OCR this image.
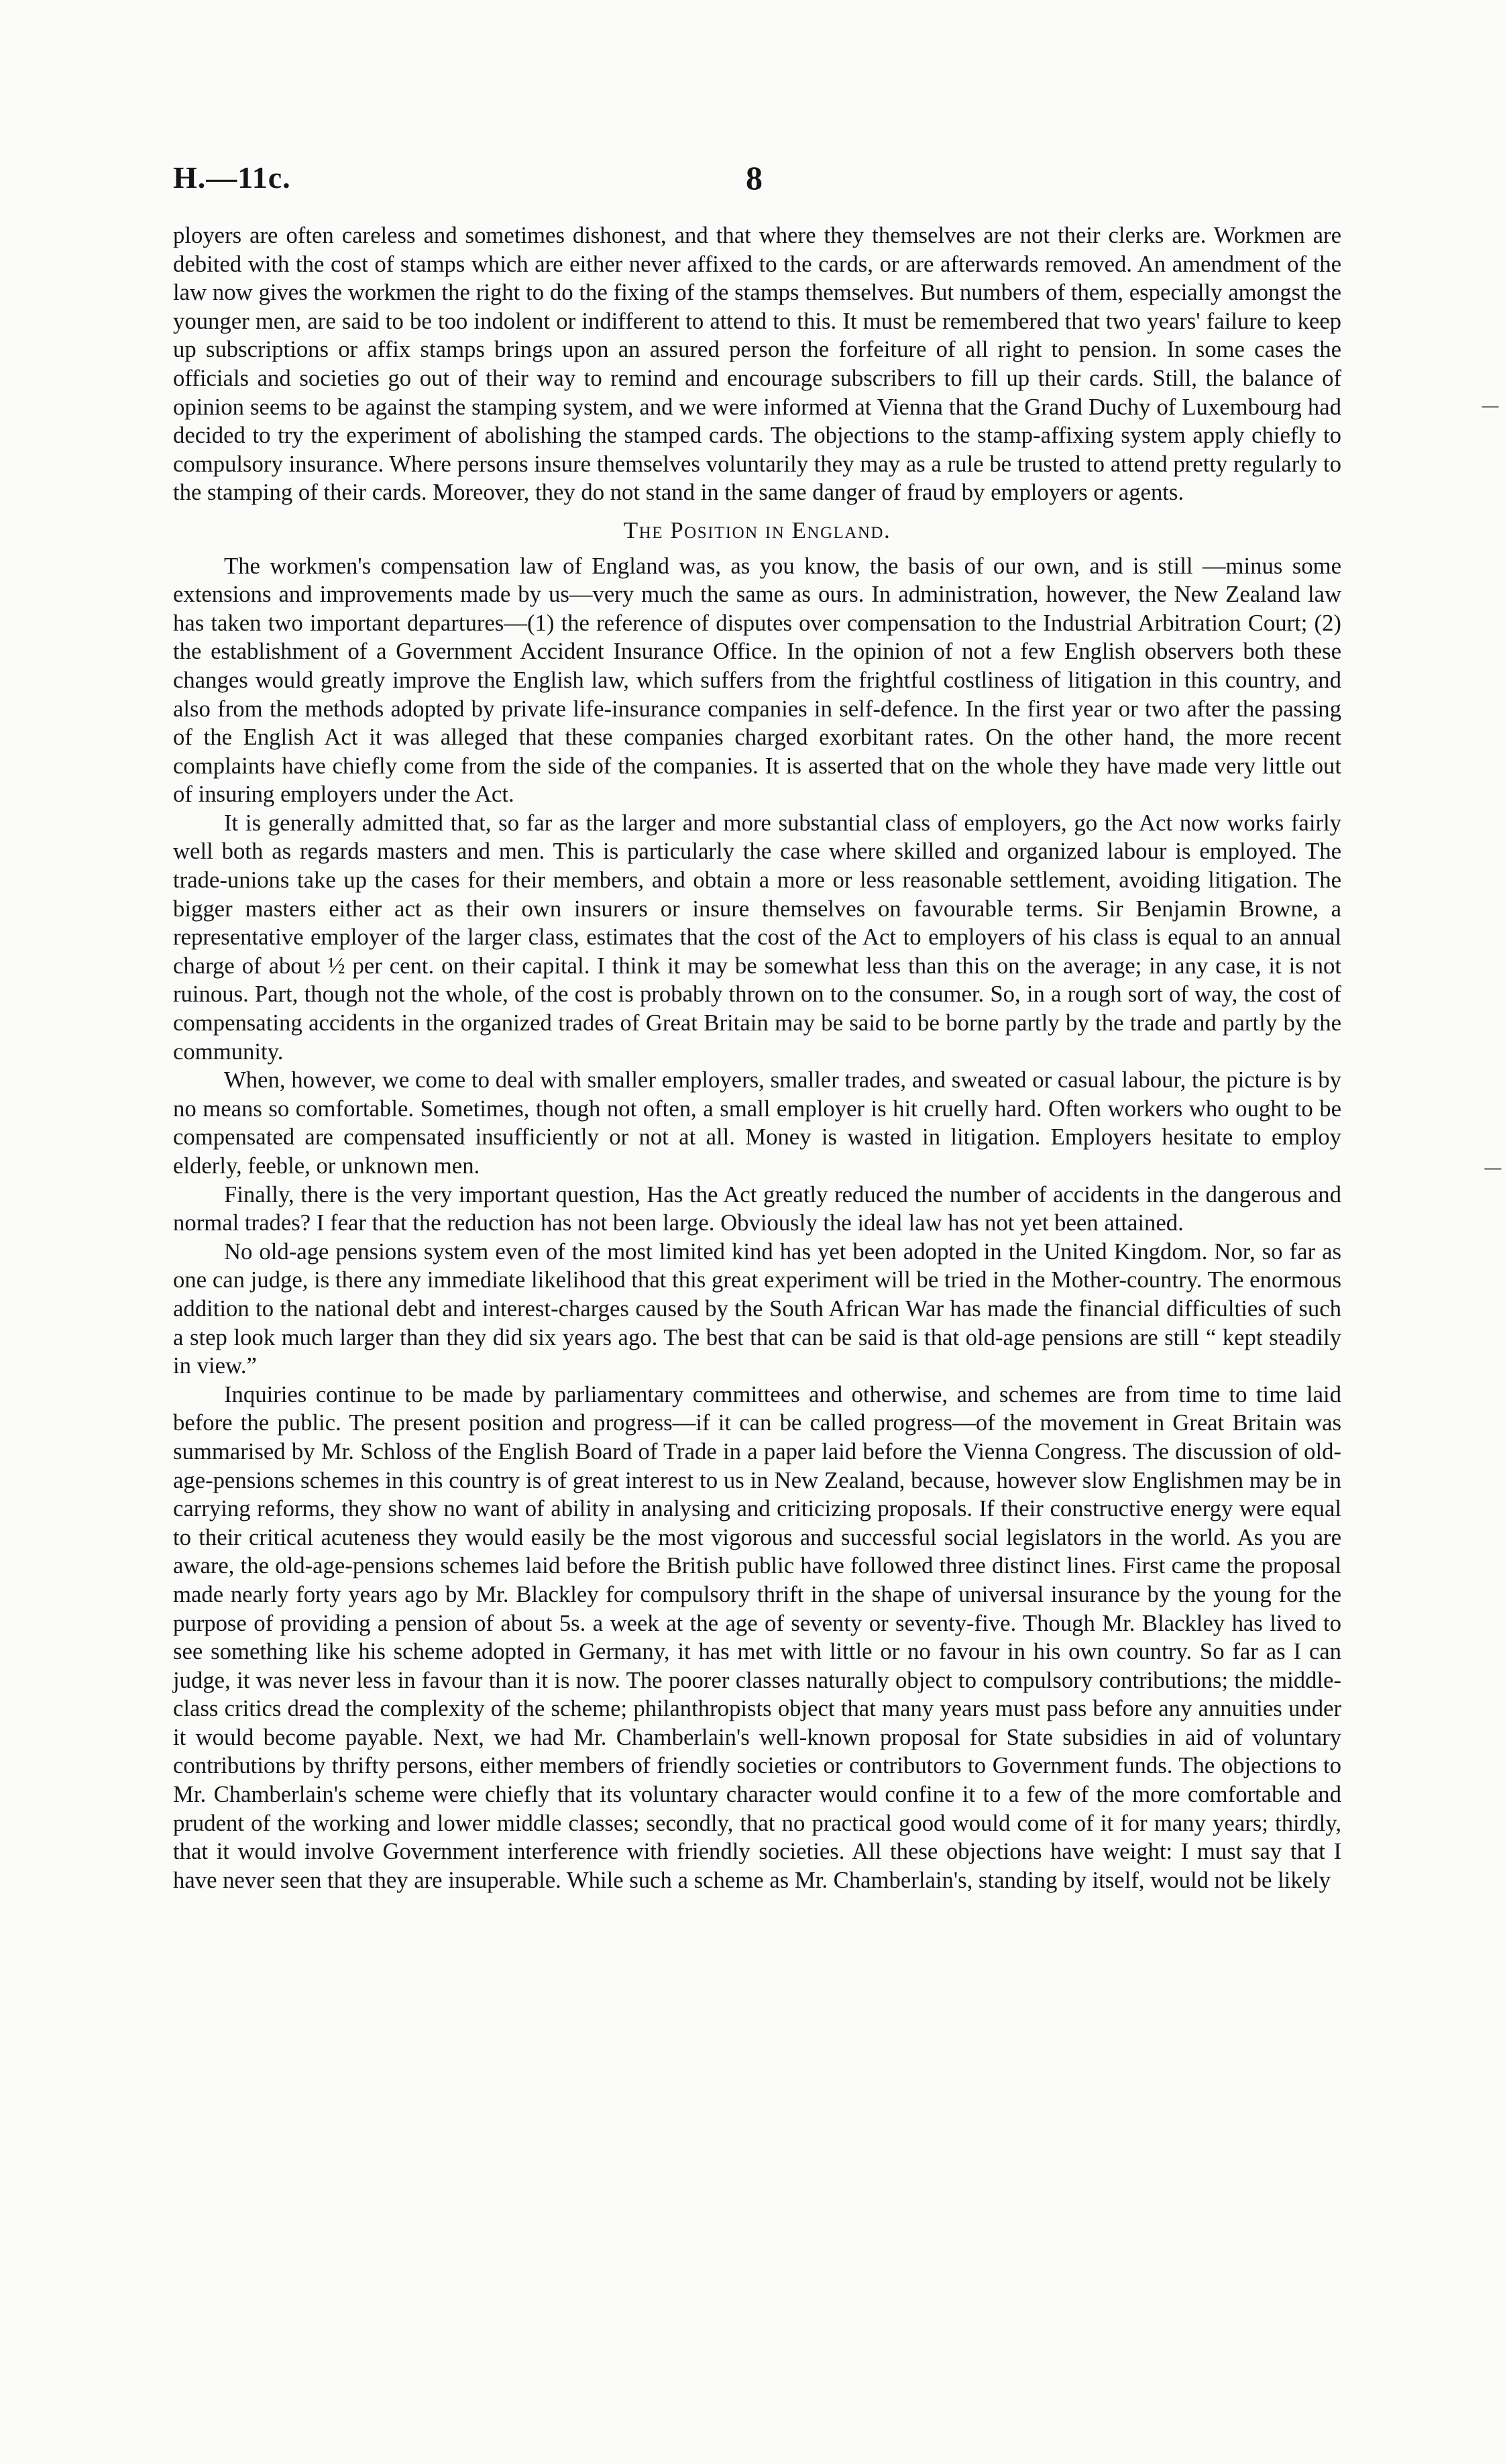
H.—11c.	8
—
—

ployers are often careless and sometimes dishonest, and that where they themselves are not their clerks are. Workmen are debited with the cost of stamps which are either never affixed to the cards, or are afterwards removed. An amendment of the law now gives the workmen the right to do the fixing of the stamps themselves. But numbers of them, especially amongst the younger men, are said to be too indolent or indifferent to attend to this. It must be remembered that two years' failure to keep up subscriptions or affix stamps brings upon an assured person the forfeiture of all right to pension. In some cases the officials and societies go out of their way to remind and encourage subscribers to fill up their cards. Still, the balance of opinion seems to be against the stamping system, and we were informed at Vienna that the Grand Duchy of Luxembourg had decided to try the experiment of abolishing the stamped cards. The objections to the stamp-affixing system apply chiefly to compulsory insurance. Where persons insure themselves voluntarily they may as a rule be trusted to attend pretty regularly to the stamping of their cards. Moreover, they do not stand in the same danger of fraud by employers or agents.

The Position in England.

The workmen's compensation law of England was, as you know, the basis of our own, and is still —minus some extensions and improvements made by us—very much the same as ours. In administration, however, the New Zealand law has taken two important departures—(1) the reference of disputes over compensation to the Industrial Arbitration Court; (2) the establishment of a Government Accident Insurance Office. In the opinion of not a few English observers both these changes would greatly improve the English law, which suffers from the frightful costliness of litigation in this country, and also from the methods adopted by private life-insurance companies in self-defence. In the first year or two after the passing of the English Act it was alleged that these companies charged exorbitant rates. On the other hand, the more recent complaints have chiefly come from the side of the companies. It is asserted that on the whole they have made very little out of insuring employers under the Act.

It is generally admitted that, so far as the larger and more substantial class of employers, go the Act now works fairly well both as regards masters and men. This is particularly the case where skilled and organized labour is employed. The trade-unions take up the cases for their members, and obtain a more or less reasonable settlement, avoiding litigation. The bigger masters either act as their own insurers or insure themselves on favourable terms. Sir Benjamin Browne, a representative employer of the larger class, estimates that the cost of the Act to employers of his class is equal to an annual charge of about ½ per cent. on their capital. I think it may be somewhat less than this on the average; in any case, it is not ruinous. Part, though not the whole, of the cost is probably thrown on to the consumer. So, in a rough sort of way, the cost of compensating accidents in the organized trades of Great Britain may be said to be borne partly by the trade and partly by the community.

When, however, we come to deal with smaller employers, smaller trades, and sweated or casual labour, the picture is by no means so comfortable. Sometimes, though not often, a small employer is hit cruelly hard. Often workers who ought to be compensated are compensated insufficiently or not at all. Money is wasted in litigation. Employers hesitate to employ elderly, feeble, or unknown men.

Finally, there is the very important question, Has the Act greatly reduced the number of accidents in the dangerous and normal trades? I fear that the reduction has not been large. Obviously the ideal law has not yet been attained.

No old-age pensions system even of the most limited kind has yet been adopted in the United Kingdom. Nor, so far as one can judge, is there any immediate likelihood that this great experiment will be tried in the Mother-country. The enormous addition to the national debt and interest-charges caused by the South African War has made the financial difficulties of such a step look much larger than they did six years ago. The best that can be said is that old-age pensions are still “ kept steadily in view.”

Inquiries continue to be made by parliamentary committees and otherwise, and schemes are from time to time laid before the public. The present position and progress—if it can be called progress—of the movement in Great Britain was summarised by Mr. Schloss of the English Board of Trade in a paper laid before the Vienna Congress. The discussion of old-age-pensions schemes in this country is of great interest to us in New Zealand, because, however slow Englishmen may be in carrying reforms, they show no want of ability in analysing and criticizing proposals. If their constructive energy were equal to their critical acuteness they would easily be the most vigorous and successful social legislators in the world. As you are aware, the old-age-pensions schemes laid before the British public have followed three distinct lines. First came the proposal made nearly forty years ago by Mr. Blackley for compulsory thrift in the shape of universal insurance by the young for the purpose of providing a pension of about 5s. a week at the age of seventy or seventy-five. Though Mr. Blackley has lived to see something like his scheme adopted in Germany, it has met with little or no favour in his own country. So far as I can judge, it was never less in favour than it is now. The poorer classes naturally object to compulsory contributions; the middle-class critics dread the complexity of the scheme; philanthropists object that many years must pass before any annuities under it would become payable. Next, we had Mr. Chamberlain's well-known proposal for State subsidies in aid of voluntary contributions by thrifty persons, either members of friendly societies or contributors to Government funds. The objections to Mr. Chamberlain's scheme were chiefly that its voluntary character would confine it to a few of the more comfortable and prudent of the working and lower middle classes; secondly, that no practical good would come of it for many years; thirdly, that it would involve Government interference with friendly societies. All these objections have weight: I must say that I have never seen that they are insuperable. While such a scheme as Mr. Chamberlain's, standing by itself, would not be likely
